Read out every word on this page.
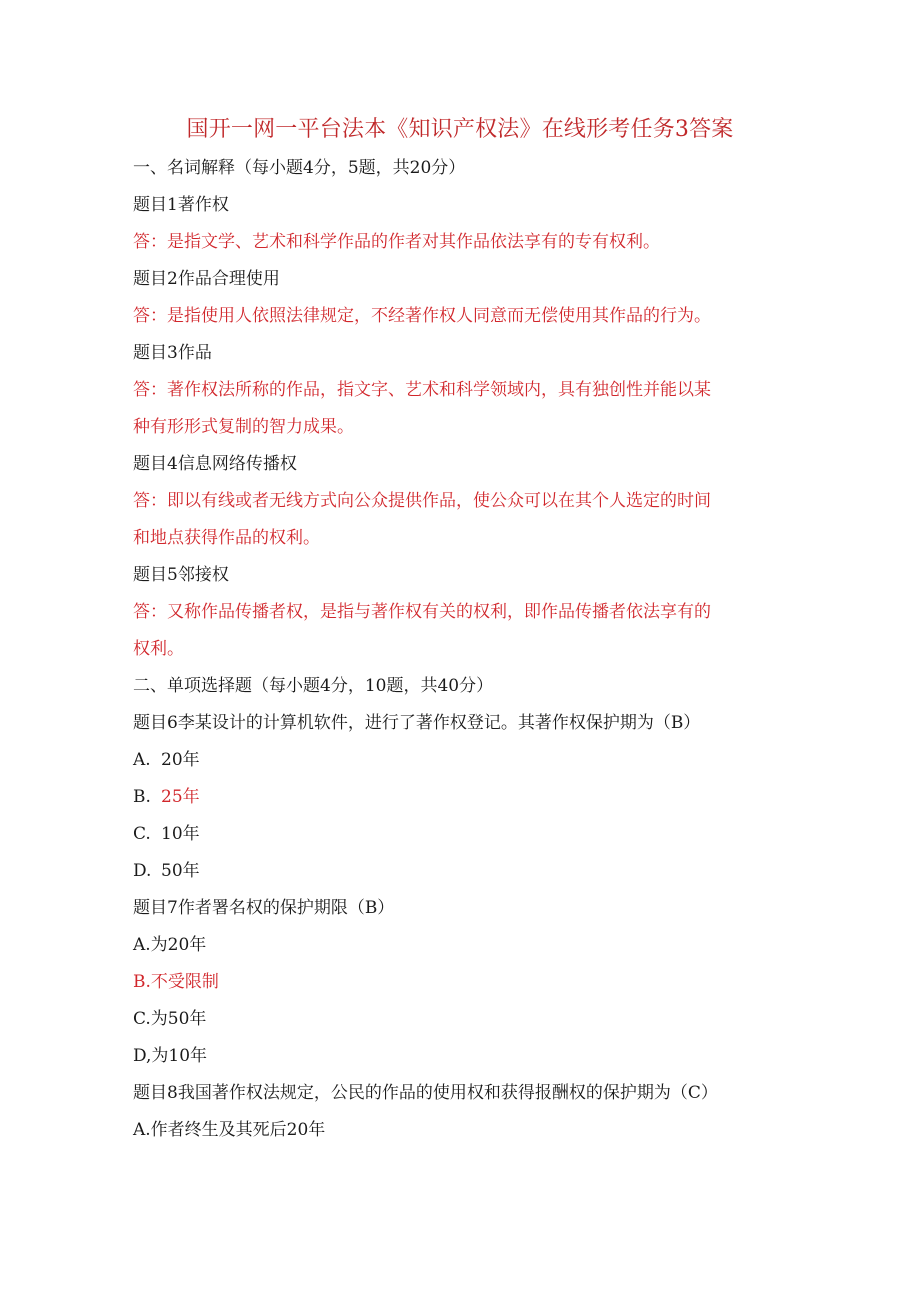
国开一网一平台法本《知识产权法》在线形考任务3答案
一、名词解释（每小题4分，5题，共20分）
题目1著作权
答：是指文学、艺术和科学作品的作者对其作品依法享有的专有权利。
题目2作品合理使用
答：是指使用人依照法律规定，不经著作权人同意而无偿使用其作品的行为。
题目3作品
答：著作权法所称的作品，指文字、艺术和科学领域内，具有独创性并能以某
种有形形式复制的智力成果。
题目4信息网络传播权
答：即以有线或者无线方式向公众提供作品，使公众可以在其个人选定的时间
和地点获得作品的权利。
题目5邻接权
答：又称作品传播者权，是指与著作权有关的权利，即作品传播者依法享有的
权利。
二、单项选择题（每小题4分，10题，共40分）
题目6李某设计的计算机软件，进行了著作权登记。其著作权保护期为（B）
A. 20年
B. 25年
C. 10年
D. 50年
题目7作者署名权的保护期限（B）
A.为20年
B.不受限制
C.为50年
D,为10年
题目8我国著作权法规定，公民的作品的使用权和获得报酬权的保护期为（C）
A.作者终生及其死后20年
